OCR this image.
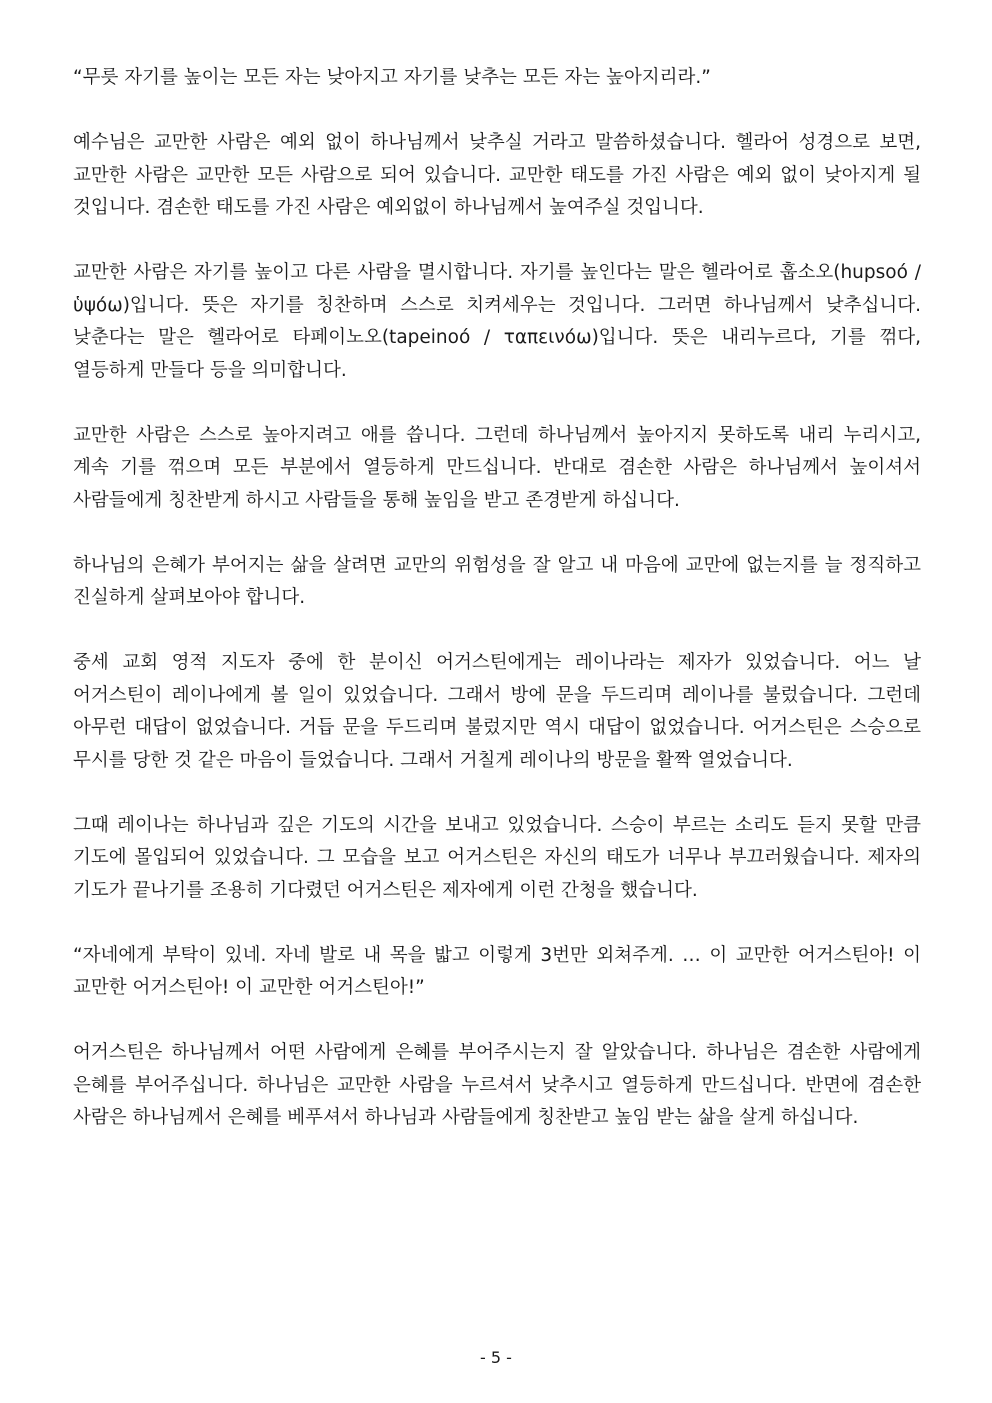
“무릇 자기를 높이는 모든 자는 낮아지고 자기를 낮추는 모든 자는 높아지리라.”

예수님은 교만한 사람은 예외 없이 하나님께서 낮추실 거라고 말씀하셨습니다. 헬라어 성경으로 보면, 교만한 사람은 교만한 모든 사람으로 되어 있습니다. 교만한 태도를 가진 사람은 예외 없이 낮아지게 될 것입니다. 겸손한 태도를 가진 사람은 예외없이 하나님께서 높여주실 것입니다.

교만한 사람은 자기를 높이고 다른 사람을 멸시합니다. 자기를 높인다는 말은 헬라어로 훕소오(hupsoó / ὑψόω)입니다. 뜻은 자기를 칭찬하며 스스로 치켜세우는 것입니다. 그러면 하나님께서 낮추십니다. 낮춘다는 말은 헬라어로 타페이노오(tapeinoó / ταπεινόω)입니다. 뜻은 내리누르다, 기를 꺾다, 열등하게 만들다 등을 의미합니다.

교만한 사람은 스스로 높아지려고 애를 씁니다. 그런데 하나님께서 높아지지 못하도록 내리 누리시고, 계속 기를 꺾으며 모든 부분에서 열등하게 만드십니다. 반대로 겸손한 사람은 하나님께서 높이셔서 사람들에게 칭찬받게 하시고 사람들을 통해 높임을 받고 존경받게 하십니다.

하나님의 은혜가 부어지는 삶을 살려면 교만의 위험성을 잘 알고 내 마음에 교만에 없는지를 늘 정직하고 진실하게 살펴보아야 합니다.

중세 교회 영적 지도자 중에 한 분이신 어거스틴에게는 레이나라는 제자가 있었습니다. 어느 날 어거스틴이 레이나에게 볼 일이 있었습니다. 그래서 방에 문을 두드리며 레이나를 불렀습니다. 그런데 아무런 대답이 없었습니다. 거듭 문을 두드리며 불렀지만 역시 대답이 없었습니다. 어거스틴은 스승으로 무시를 당한 것 같은 마음이 들었습니다. 그래서 거칠게 레이나의 방문을 활짝 열었습니다.

그때 레이나는 하나님과 깊은 기도의 시간을 보내고 있었습니다. 스승이 부르는 소리도 듣지 못할 만큼 기도에 몰입되어 있었습니다. 그 모습을 보고 어거스틴은 자신의 태도가 너무나 부끄러웠습니다. 제자의 기도가 끝나기를 조용히 기다렸던 어거스틴은 제자에게 이런 간청을 했습니다.

“자네에게 부탁이 있네. 자네 발로 내 목을 밟고 이렇게 3번만 외쳐주게. … 이 교만한 어거스틴아! 이 교만한 어거스틴아! 이 교만한 어거스틴아!”

어거스틴은 하나님께서 어떤 사람에게 은혜를 부어주시는지 잘 알았습니다. 하나님은 겸손한 사람에게 은혜를 부어주십니다. 하나님은 교만한 사람을 누르셔서 낮추시고 열등하게 만드십니다. 반면에 겸손한 사람은 하나님께서 은혜를 베푸셔서 하나님과 사람들에게 칭찬받고 높임 받는 삶을 살게 하십니다.

- 5 -
